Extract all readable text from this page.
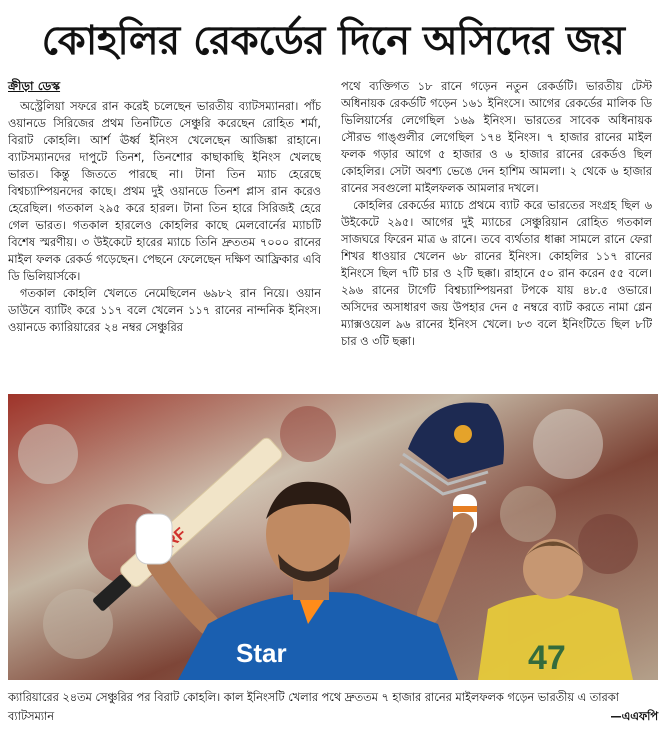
কোহলির রেকর্ডের দিনে অসিদের জয়
ক্রীড়া ডেস্ক

অস্ট্রেলিয়া সফরে রান করেই চলেছেন ভারতীয় ব্যাটসম্যানরা। পাঁচ ওয়ানডে সিরিজের প্রথম তিনটিতে সেঞ্চুরি করেছেন রোহিত শর্মা, বিরাট কোহলি। আর্শ ঊর্ধ্ব ইনিংস খেলেছেন আজিঙ্কা রাহানে। ব্যাটসম্যানদের দাপুটে তিনশ, তিনশোর কাছাকাছি ইনিংস খেলছে ভারত। কিন্তু জিততে পারছে না। টানা তিন ম্যাচ হেরেছে বিশ্বচ্যাম্পিয়নদের কাছে। প্রথম দুই ওয়ানডে তিনশ প্লাস রান করেও হেরেছিল। গতকাল ২৯৫ করে হারল। টানা তিন হারে সিরিজই হেরে গেল ভারত। গতকাল হারলেও কোহলির কাছে মেলবোর্নের ম্যাচটি বিশেষ স্মরণীয়। ৩ উইকেটে হারের ম্যাচে তিনি দ্রুততম ৭০০০ রানের মাইল ফলক রেকর্ড গড়েছেন। পেছনে ফেলেছেন দক্ষিণ আফ্রিকার এবি ডি ভিলিয়ার্সকে।

গতকাল কোহলি খেলতে নেমেছিলেন ৬৯৮২ রান নিয়ে। ওয়ান ডাউনে ব্যাটিং করে ১১৭ বলে খেলেন ১১৭ রানের নান্দনিক ইনিংস। ওয়ানডে ক্যারিয়ারের ২৪ নম্বর সেঞ্চুরির

পথে ব্যক্তিগত ১৮ রানে গড়েন নতুন রেকর্ডটি। ভারতীয় টেস্ট অধিনায়ক রেকর্ডটি গড়েন ১৬১ ইনিংসে। আগের রেকর্ডের মালিক ডি ভিলিয়ার্সের লেগেছিল ১৬৯ ইনিংস। ভারতের সাবেক অধিনায়ক সৌরভ গাঙ্গুলীর লেগেছিল ১৭৪ ইনিংস। ৭ হাজার রানের মাইল ফলক গড়ার আগে ৫ হাজার ও ৬ হাজার রানের রেকর্ডও ছিল কোহলির। সেটা অবশ্য ভেঙে দেন হাশিম আমলা। ২ থেকে ৬ হাজার রানের সবগুলো মাইলফলক আমলার দখলে।

কোহলির রেকর্ডের ম্যাচে প্রথমে ব্যাট করে ভারতের সংগ্রহ ছিল ৬ উইকেটে ২৯৫। আগের দুই ম্যাচের সেঞ্চুরিয়ান রোহিত গতকাল সাজঘরে ফিরেন মাত্র ৬ রানে। তবে ব্যর্থতার ধাক্কা সামলে রানে ফেরা শিখর ধাওয়ার খেলেন ৬৮ রানের ইনিংস। কোহলির ১১৭ রানের ইনিংসে ছিল ৭টি চার ও ২টি ছক্কা। রাহানে ৫০ রান করেন ৫৫ বলে। ২৯৬ রানের টার্গেট বিশ্বচ্যাম্পিয়নরা টপকে যায় ৪৮.৫ ওভারে। অসিদের অসাধারণ জয় উপহার দেন ৫ নম্বরে ব্যাট করতে নামা গ্লেন ম্যাক্সওয়েল ৯৬ রানের ইনিংস খেলে। ৮৩ বলে ইনিংটিতে ছিল ৮টি চার ও ৩টি ছক্কা।

47
Star
ক্যারিয়ারের ২৪তম সেঞ্চুরির পর বিরাট কোহলি। কাল ইনিংসটি খেলার পথে দ্রুততম ৭ হাজার রানের মাইলফলক গড়েন ভারতীয় এ তারকা ব্যাটসম্যান	—এএফপি
